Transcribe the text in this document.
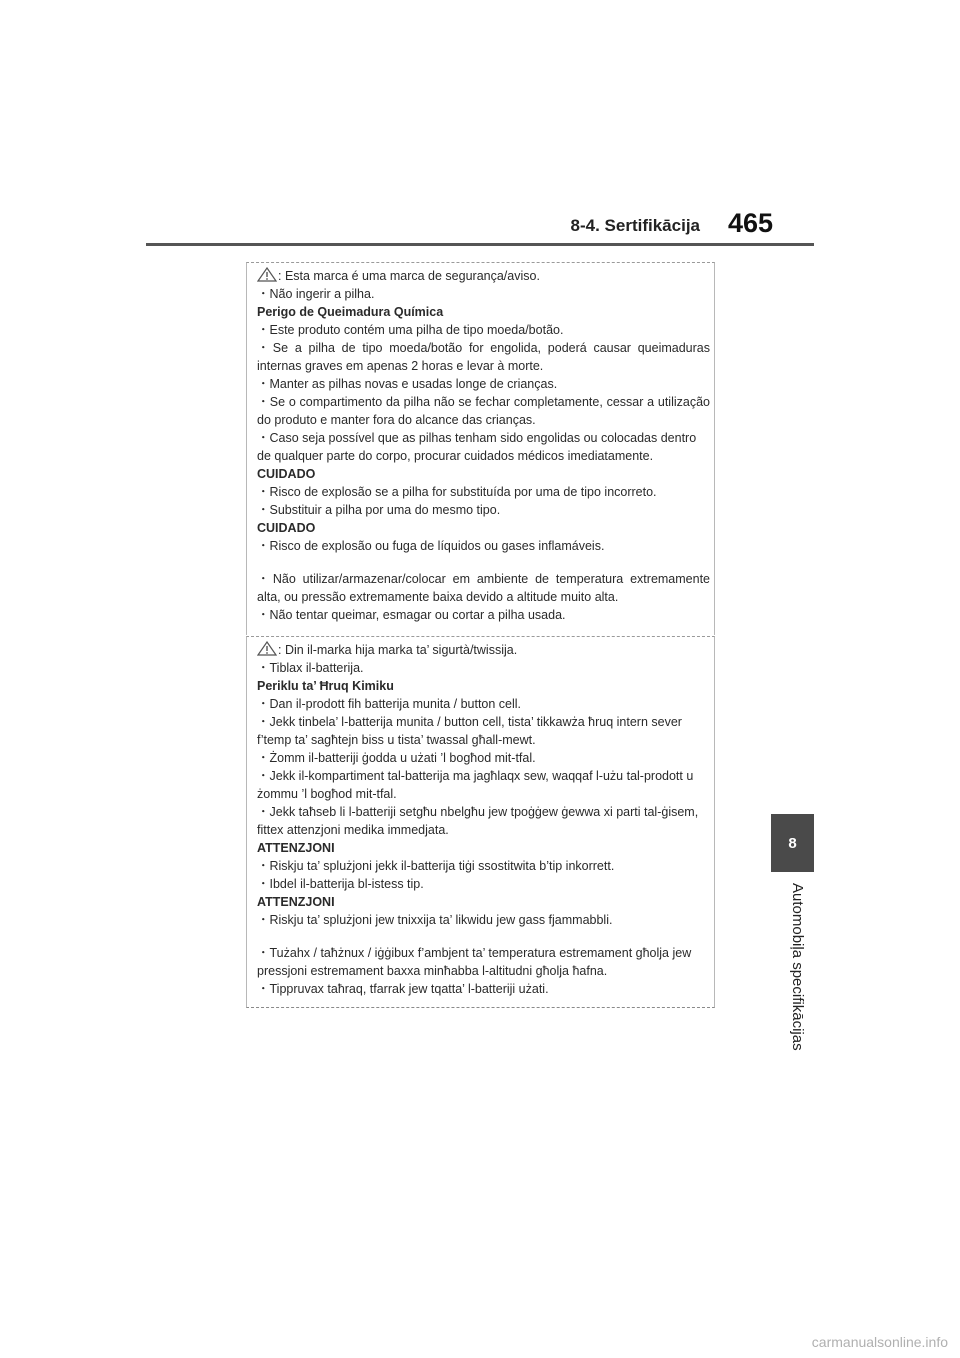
8-4. Sertifikācija 465
8
Automobiļa specifikācijas

: Esta marca é uma marca de segurança/aviso.

・Não ingerir a pilha.

Perigo de Queimadura Química

・Este produto contém uma pilha de tipo moeda/botão.

・Se a pilha de tipo moeda/botão for engolida, poderá causar queimaduras internas graves em apenas 2 horas e levar à morte.

・Manter as pilhas novas e usadas longe de crianças.

・Se o compartimento da pilha não se fechar completamente, cessar a utilização do produto e manter fora do alcance das crianças.

・Caso seja possível que as pilhas tenham sido engolidas ou colocadas dentro de qualquer parte do corpo, procurar cuidados médicos imediatamente.

CUIDADO

・Risco de explosão se a pilha for substituída por uma de tipo incorreto.

・Substituir a pilha por uma do mesmo tipo.

CUIDADO

・Risco de explosão ou fuga de líquidos ou gases inflamáveis.

・Não utilizar/armazenar/colocar em ambiente de temperatura extremamente alta, ou pressão extremamente baixa devido a altitude muito alta.

・Não tentar queimar, esmagar ou cortar a pilha usada.

: Din il-marka hija marka ta’ sigurtà/twissija.

・Tiblax il-batterija.

Periklu ta’ Ħruq Kimiku

・Dan il-prodott fih batterija munita / button cell.

・Jekk tinbela’ l-batterija munita / button cell, tista’ tikkawża ħruq intern sever f’temp ta’ sagħtejn biss u tista’ twassal għall-mewt.

・Żomm il-batteriji ġodda u użati ’l bogħod mit-tfal.

・Jekk il-kompartiment tal-batterija ma jagħlaqx sew, waqqaf l-użu tal-prodott u żommu ’l bogħod mit-tfal.

・Jekk taħseb li l-batteriji setgħu nbelgħu jew tpoġġew ġewwa xi parti tal-ġisem, fittex attenzjoni medika immedjata.

ATTENZJONI

・Riskju ta’ splużjoni jekk il-batterija tiġi ssostitwita b’tip inkorrett.

・Ibdel il-batterija bl-istess tip.

ATTENZJONI

・Riskju ta’ splużjoni jew tnixxija ta’ likwidu jew gass fjammabbli.

・Tużahx / taħżnux / iġġibux f’ambjent ta’ temperatura estremament għolja jew pressjoni estremament baxxa minħabba l-altitudni għolja ħafna.

・Tippruvax taħraq, tfarrak jew tqatta’ l-batteriji użati.

carmanualsonline.info
